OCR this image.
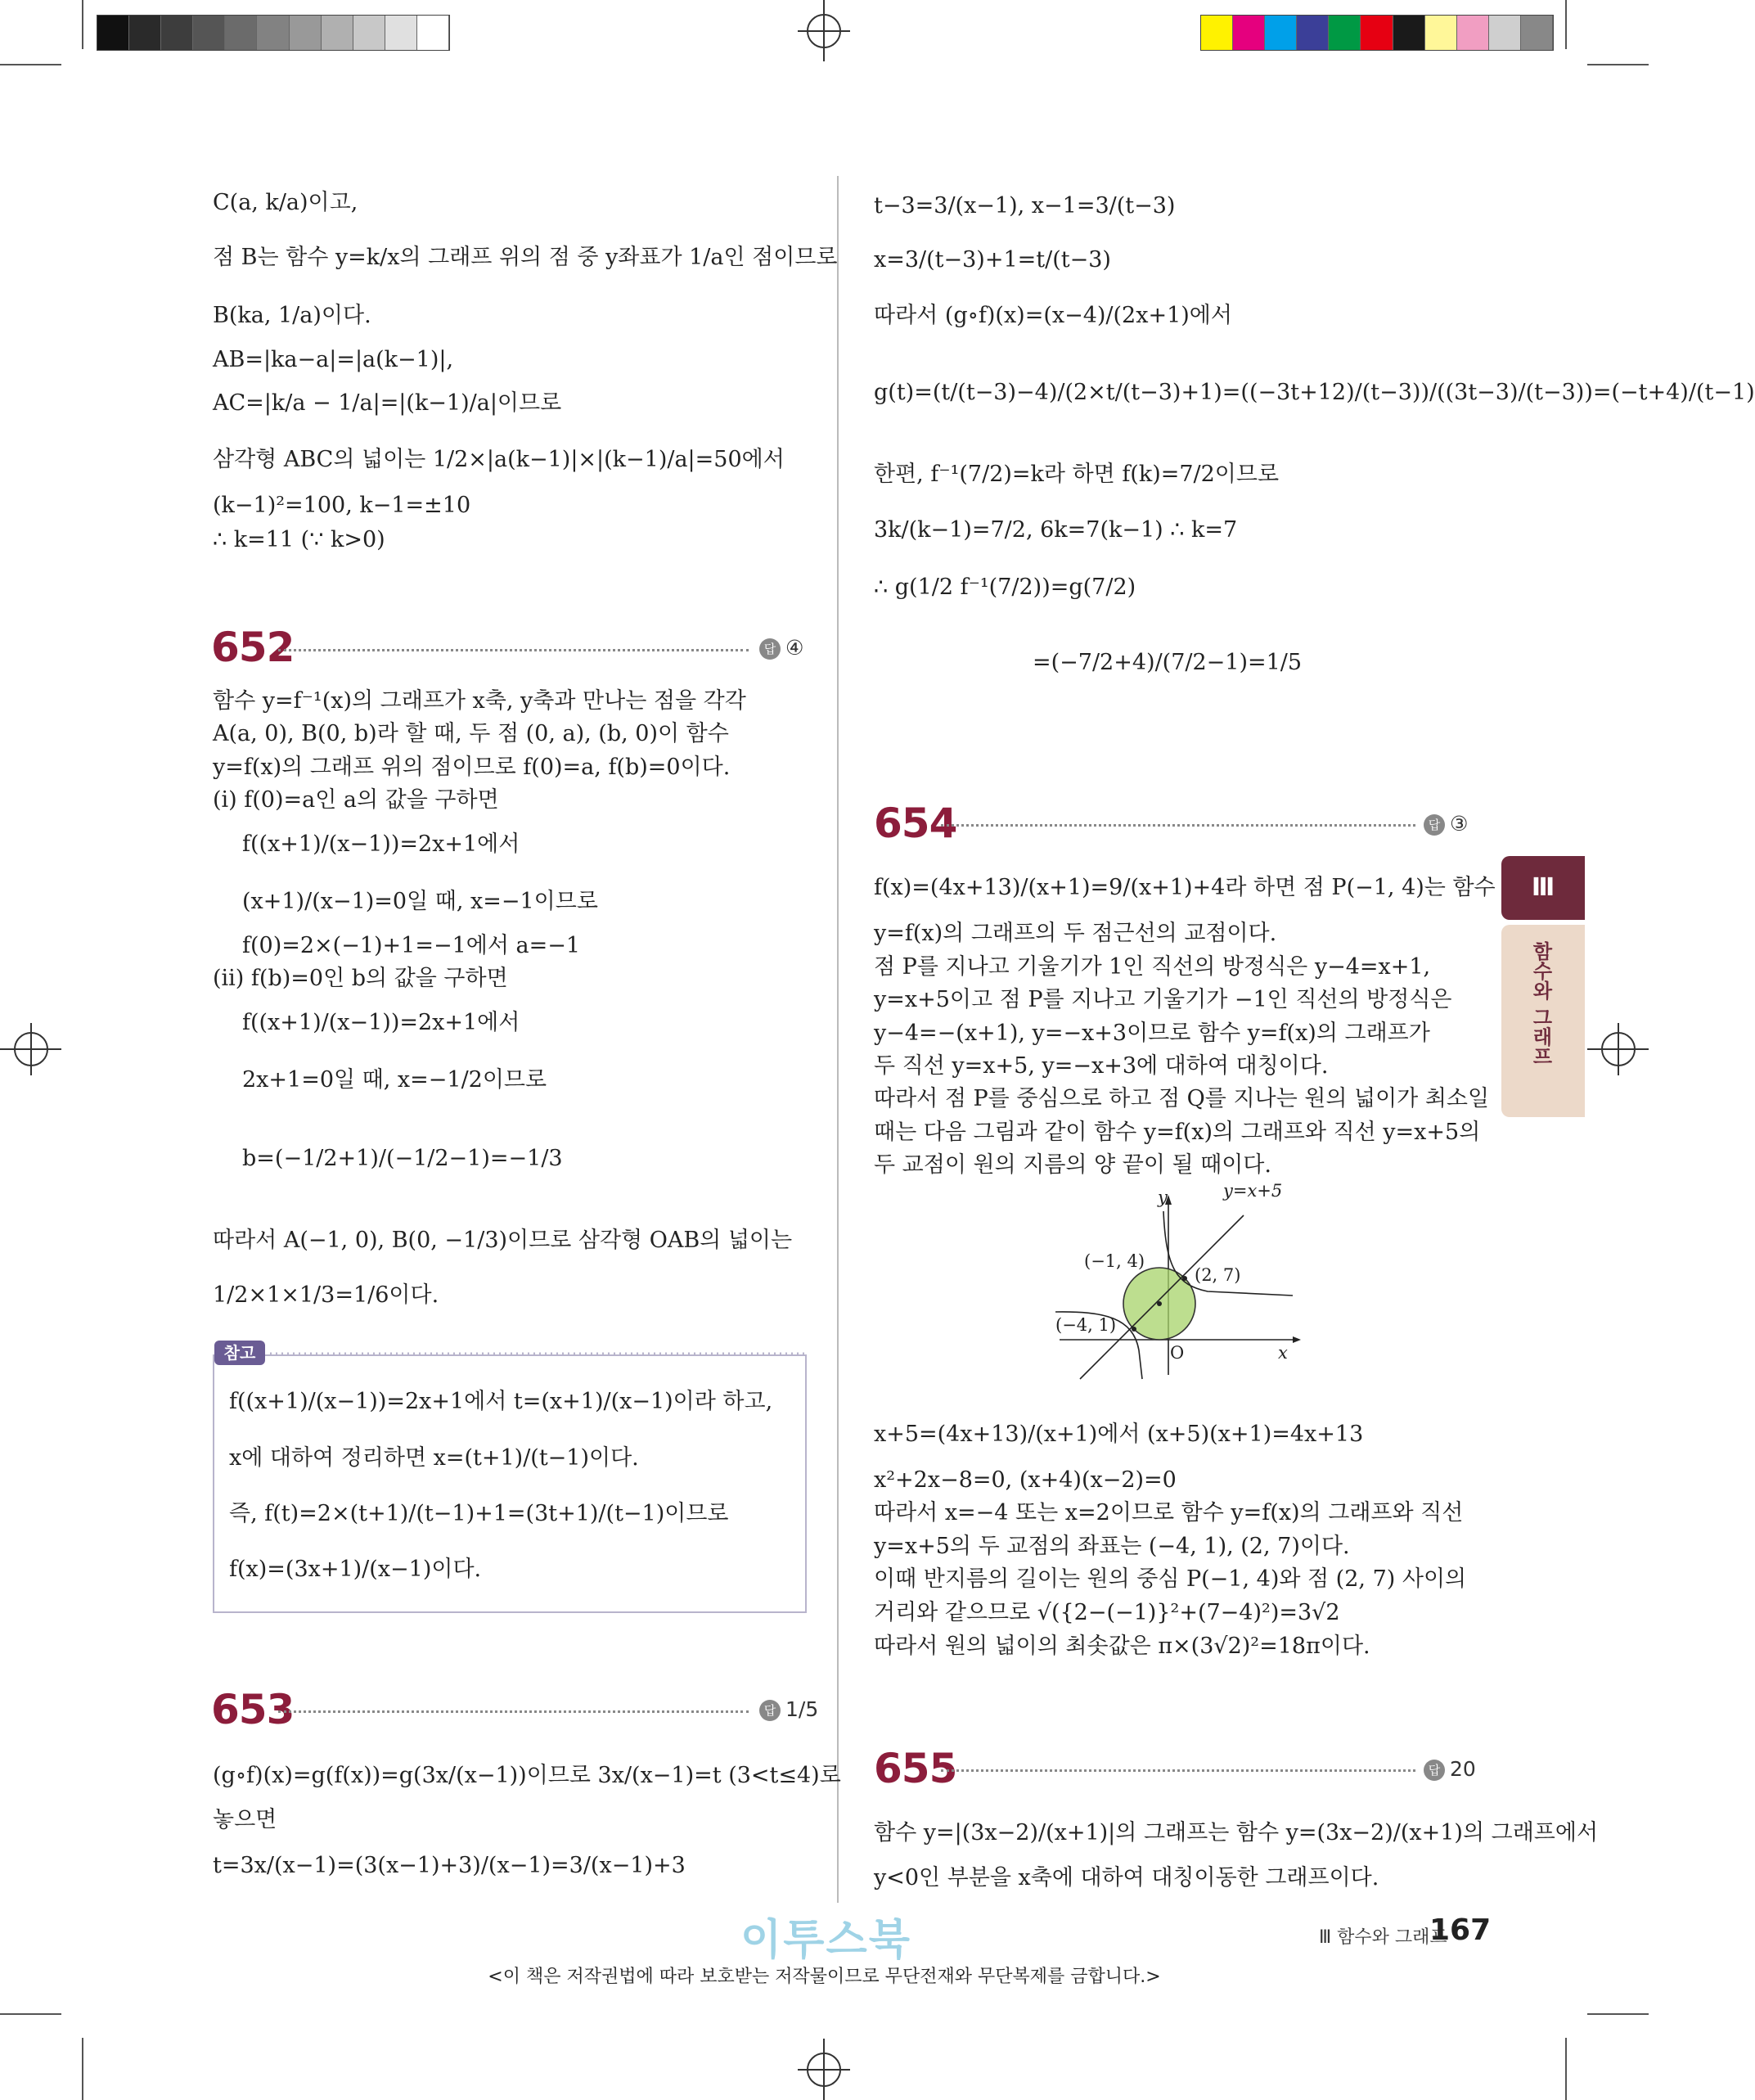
C(a, k/a)이고,
점 B는 함수 y=k/x의 그래프 위의 점 중 y좌표가 1/a인 점이므로
B(ka, 1/a)이다.
AB=|ka−a|=|a(k−1)|,
AC=|k/a − 1/a|=|(k−1)/a|이므로
삼각형 ABC의 넓이는 1/2×|a(k−1)|×|(k−1)/a|=50에서
(k−1)²=100, k−1=±10
∴ k=11 (∵ k>0)
652	답 ④
함수 y=f⁻¹(x)의 그래프가 x축, y축과 만나는 점을 각각
A(a, 0), B(0, b)라 할 때, 두 점 (0, a), (b, 0)이 함수
y=f(x)의 그래프 위의 점이므로 f(0)=a, f(b)=0이다.
(i) f(0)=a인 a의 값을 구하면
f((x+1)/(x−1))=2x+1에서
(x+1)/(x−1)=0일 때, x=−1이므로
f(0)=2×(−1)+1=−1에서 a=−1
(ii) f(b)=0인 b의 값을 구하면
f((x+1)/(x−1))=2x+1에서
2x+1=0일 때, x=−1/2이므로
b=(−1/2+1)/(−1/2−1)=−1/3
따라서 A(−1, 0), B(0, −1/3)이므로 삼각형 OAB의 넓이는
1/2×1×1/3=1/6이다.
참고
f((x+1)/(x−1))=2x+1에서 t=(x+1)/(x−1)이라 하고,
x에 대하여 정리하면 x=(t+1)/(t−1)이다.
즉, f(t)=2×(t+1)/(t−1)+1=(3t+1)/(t−1)이므로
f(x)=(3x+1)/(x−1)이다.
653	답 1/5
(g∘f)(x)=g(f(x))=g(3x/(x−1))이므로 3x/(x−1)=t (3<t≤4)로
놓으면
t=3x/(x−1)=(3(x−1)+3)/(x−1)=3/(x−1)+3
t−3=3/(x−1), x−1=3/(t−3)
x=3/(t−3)+1=t/(t−3)
따라서 (g∘f)(x)=(x−4)/(2x+1)에서
g(t)=(t/(t−3)−4)/(2×t/(t−3)+1)=((−3t+12)/(t−3))/((3t−3)/(t−3))=(−t+4)/(t−1)
한편, f⁻¹(7/2)=k라 하면 f(k)=7/2이므로
3k/(k−1)=7/2, 6k=7(k−1) ∴ k=7
∴ g(1/2 f⁻¹(7/2))=g(7/2)
=(−7/2+4)/(7/2−1)=1/5
654	답 ③
f(x)=(4x+13)/(x+1)=9/(x+1)+4라 하면 점 P(−1, 4)는 함수
y=f(x)의 그래프의 두 점근선의 교점이다.
점 P를 지나고 기울기가 1인 직선의 방정식은 y−4=x+1,
y=x+5이고 점 P를 지나고 기울기가 −1인 직선의 방정식은
y−4=−(x+1), y=−x+3이므로 함수 y=f(x)의 그래프가
두 직선 y=x+5, y=−x+3에 대하여 대칭이다.
따라서 점 P를 중심으로 하고 점 Q를 지나는 원의 넓이가 최소일
때는 다음 그림과 같이 함수 y=f(x)의 그래프와 직선 y=x+5의
두 교점이 원의 지름의 양 끝이 될 때이다.
y
x
O
y=x+5
(−1, 4)
(2, 7)
(−4, 1)
x+5=(4x+13)/(x+1)에서 (x+5)(x+1)=4x+13
x²+2x−8=0, (x+4)(x−2)=0
따라서 x=−4 또는 x=2이므로 함수 y=f(x)의 그래프와 직선
y=x+5의 두 교점의 좌표는 (−4, 1), (2, 7)이다.
이때 반지름의 길이는 원의 중심 P(−1, 4)와 점 (2, 7) 사이의
거리와 같으므로 √({2−(−1)}²+(7−4)²)=3√2
따라서 원의 넓이의 최솟값은 π×(3√2)²=18π이다.
655	답 20
함수 y=|(3x−2)/(x+1)|의 그래프는 함수 y=(3x−2)/(x+1)의 그래프에서
y<0인 부분을 x축에 대하여 대칭이동한 그래프이다.
Ⅲ
함수와 그래프
이투스북	Ⅲ 함수와 그래프
167
<이 책은 저작권법에 따라 보호받는 저작물이므로 무단전재와 무단복제를 금합니다.>
